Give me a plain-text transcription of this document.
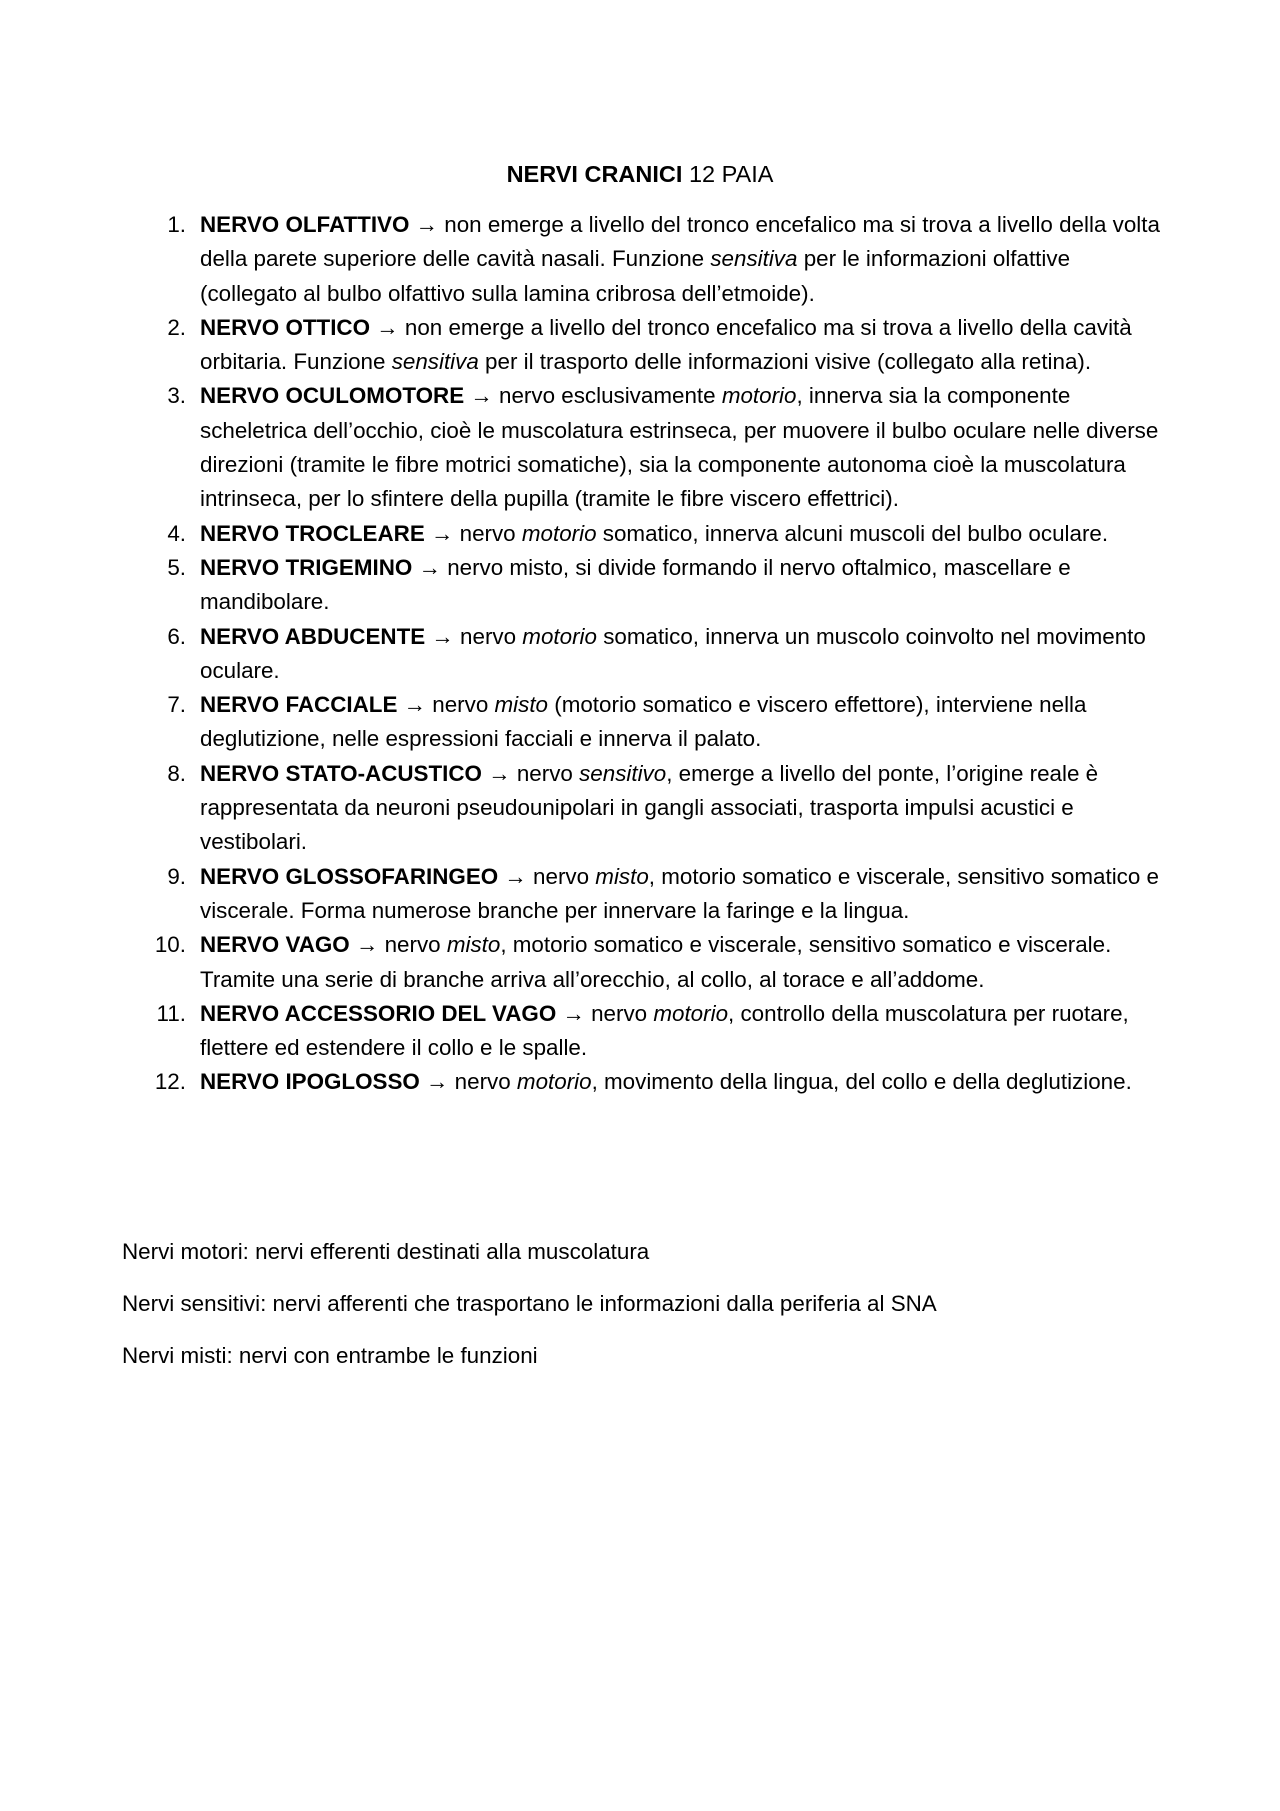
NERVI CRANICI 12 PAIA
1. NERVO OLFATTIVO → non emerge a livello del tronco encefalico ma si trova a livello della volta della parete superiore delle cavità nasali. Funzione sensitiva per le informazioni olfattive (collegato al bulbo olfattivo sulla lamina cribrosa dell’etmoide).
2. NERVO OTTICO → non emerge a livello del tronco encefalico ma si trova a livello della cavità orbitaria. Funzione sensitiva per il trasporto delle informazioni visive (collegato alla retina).
3. NERVO OCULOMOTORE → nervo esclusivamente motorio, innerva sia la componente scheletrica dell’occhio, cioè le muscolatura estrinseca, per muovere il bulbo oculare nelle diverse direzioni (tramite le fibre motrici somatiche), sia la componente autonoma cioè la muscolatura intrinseca, per lo sfintere della pupilla (tramite le fibre viscero effettrici).
4. NERVO TROCLEARE → nervo motorio somatico, innerva alcuni muscoli del bulbo oculare.
5. NERVO TRIGEMINO → nervo misto, si divide formando il nervo oftalmico, mascellare e mandibolare.
6. NERVO ABDUCENTE → nervo motorio somatico, innerva un muscolo coinvolto nel movimento oculare.
7. NERVO FACCIALE → nervo misto (motorio somatico e viscero effettore), interviene nella deglutizione, nelle espressioni facciali e innerva il palato.
8. NERVO STATO-ACUSTICO → nervo sensitivo, emerge a livello del ponte, l’origine reale è rappresentata da neuroni pseudounipolari in gangli associati, trasporta impulsi acustici e vestibolari.
9. NERVO GLOSSOFARINGEO → nervo misto, motorio somatico e viscerale, sensitivo somatico e viscerale. Forma numerose branche per innervare la faringe e la lingua.
10. NERVO VAGO → nervo misto, motorio somatico e viscerale, sensitivo somatico e viscerale. Tramite una serie di branche arriva all’orecchio, al collo, al torace e all’addome.
11. NERVO ACCESSORIO DEL VAGO → nervo motorio, controllo della muscolatura per ruotare, flettere ed estendere il collo e le spalle.
12. NERVO IPOGLOSSO → nervo motorio, movimento della lingua, del collo e della deglutizione.

Nervi motori: nervi efferenti destinati alla muscolatura

Nervi sensitivi: nervi afferenti che trasportano le informazioni dalla periferia al SNA

Nervi misti: nervi con entrambe le funzioni
